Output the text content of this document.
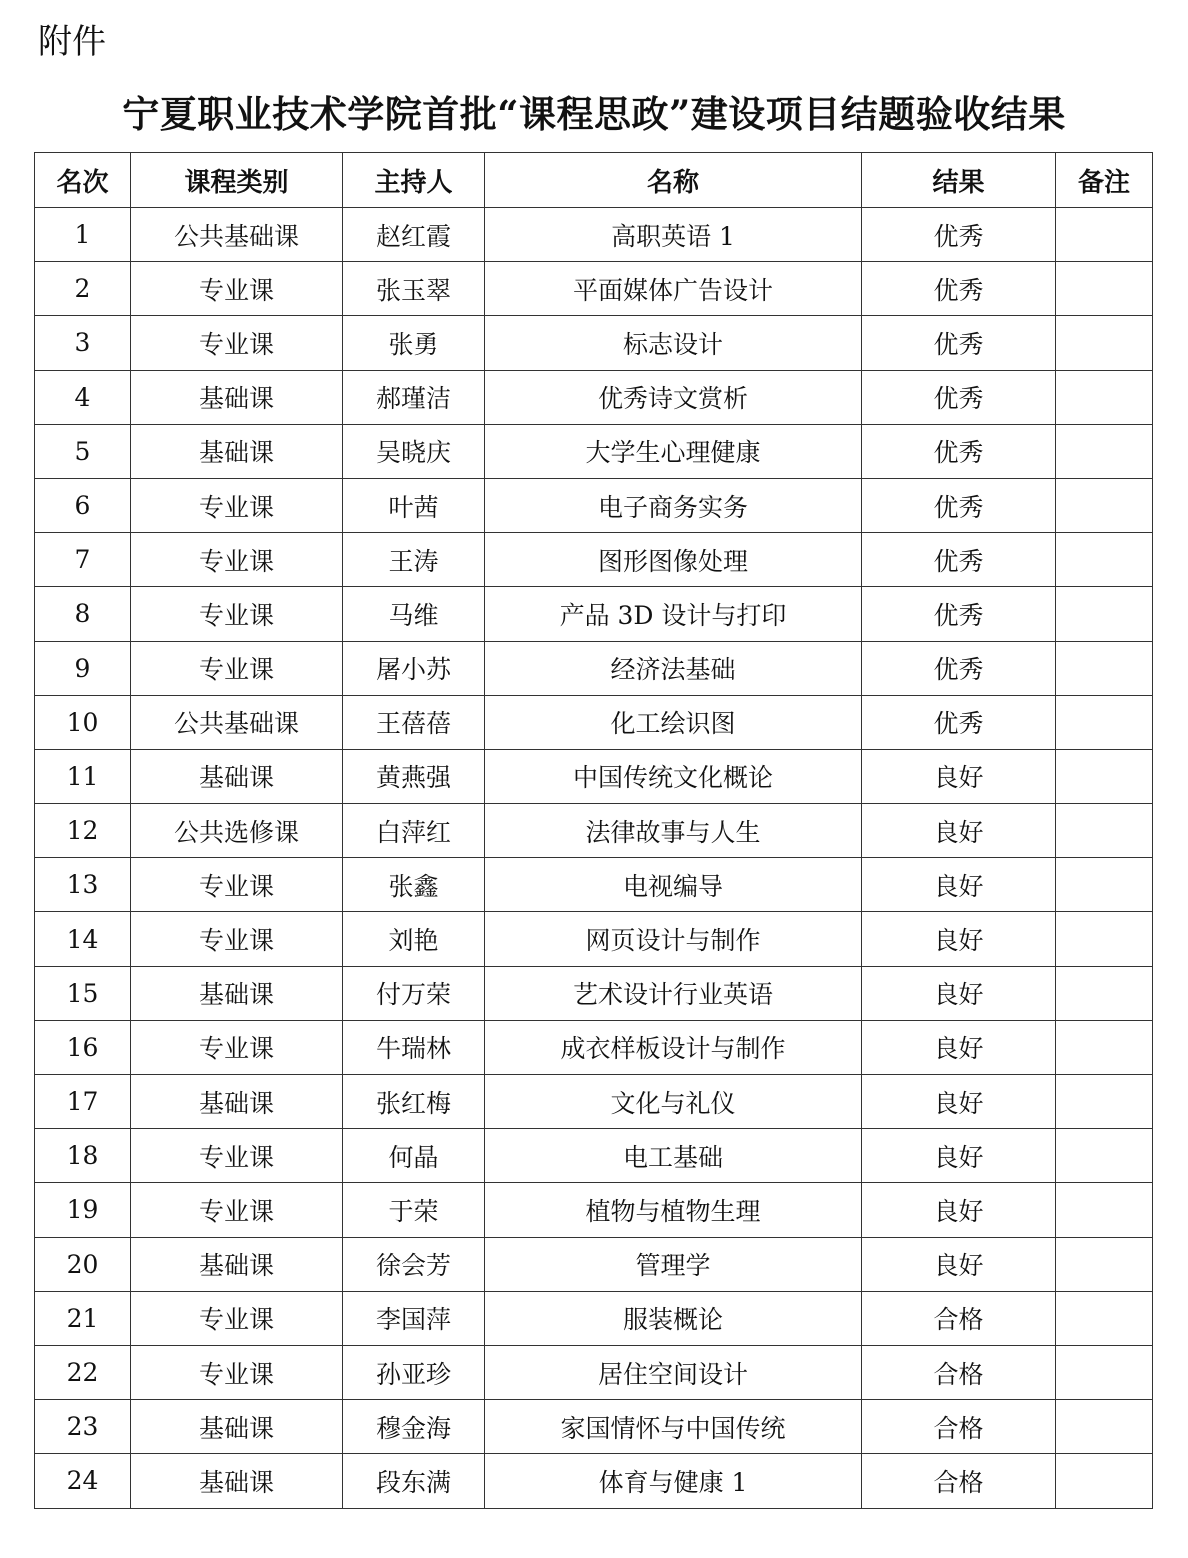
附件
宁夏职业技术学院首批“课程思政”建设项目结题验收结果
名次	课程类别	主持人	名称	结果	备注
1	公共基础课	赵红霞	高职英语 1	优秀	
2	专业课	张玉翠	平面媒体广告设计	优秀	
3	专业课	张勇	标志设计	优秀	
4	基础课	郝瑾洁	优秀诗文赏析	优秀	
5	基础课	吴晓庆	大学生心理健康	优秀	
6	专业课	叶茜	电子商务实务	优秀	
7	专业课	王涛	图形图像处理	优秀	
8	专业课	马维	产品 3D 设计与打印	优秀	
9	专业课	屠小苏	经济法基础	优秀	
10	公共基础课	王蓓蓓	化工绘识图	优秀	
11	基础课	黄燕强	中国传统文化概论	良好	
12	公共选修课	白萍红	法律故事与人生	良好	
13	专业课	张鑫	电视编导	良好	
14	专业课	刘艳	网页设计与制作	良好	
15	基础课	付万荣	艺术设计行业英语	良好	
16	专业课	牛瑞林	成衣样板设计与制作	良好	
17	基础课	张红梅	文化与礼仪	良好	
18	专业课	何晶	电工基础	良好	
19	专业课	于荣	植物与植物生理	良好	
20	基础课	徐会芳	管理学	良好	
21	专业课	李国萍	服装概论	合格	
22	专业课	孙亚珍	居住空间设计	合格	
23	基础课	穆金海	家国情怀与中国传统	合格	
24	基础课	段东满	体育与健康 1	合格	
